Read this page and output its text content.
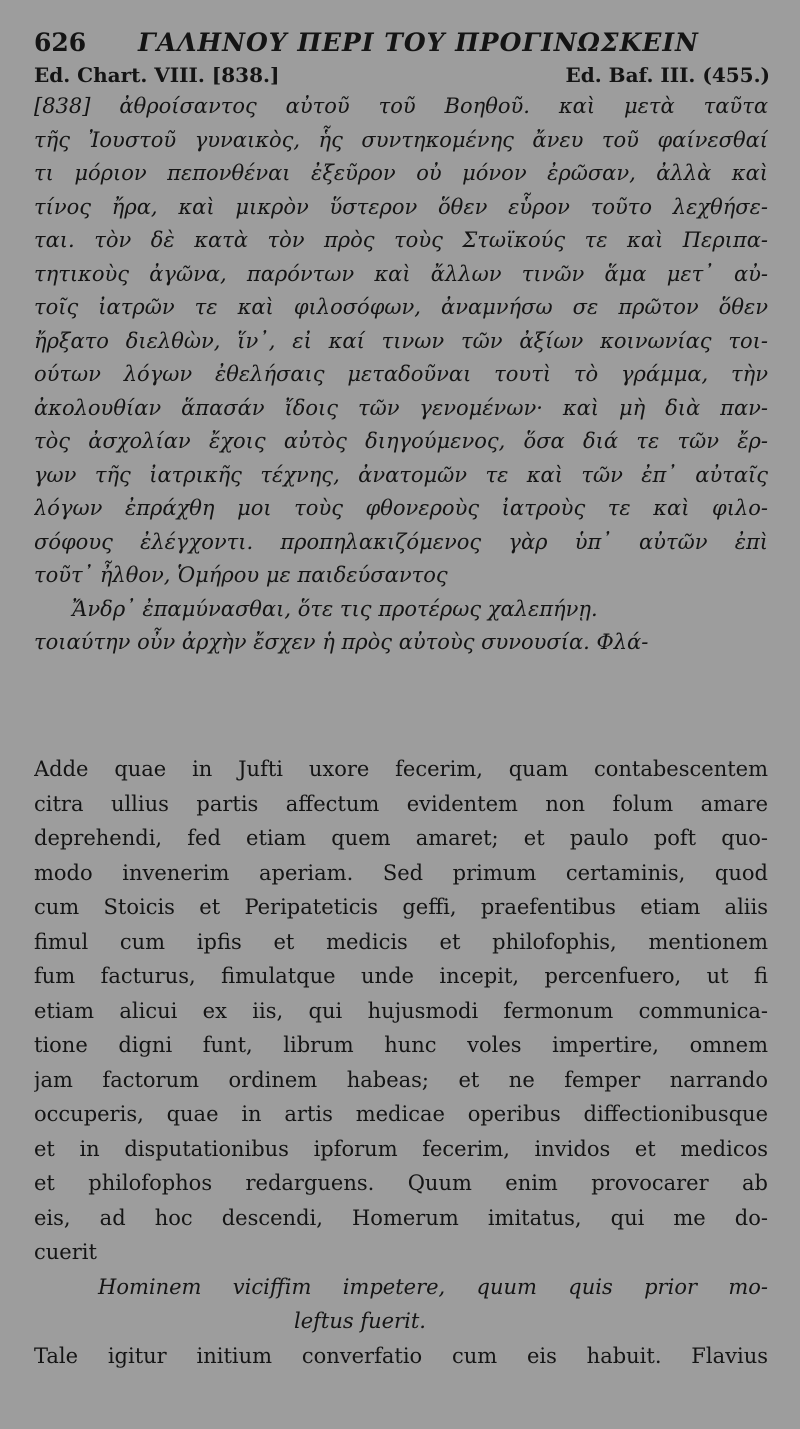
626 ΓΑΛΗΝΟΥ ΠΕΡΙ ΤΟΥ ΠΡΟΓΙΝΩΣΚΕΙΝ
Ed. Chart. VIII. [838.]	Ed. Baf. III. (455.)
[838] ἀθροίσαντος αὐτοῦ τοῦ Βοηθοῦ. καὶ μετὰ ταῦτα
τῆς Ἰουστοῦ γυναικὸς, ἧς συντηκομένης ἄνευ τοῦ φαίνεσθαί
τι μόριον πεπονθέναι ἐξεῦρον οὐ μόνον ἐρῶσαν, ἀλλὰ καὶ
τίνος ἤρα, καὶ μικρὸν ὕστερον ὅθεν εὗρον τοῦτο λεχθήσε-
ται. τὸν δὲ κατὰ τὸν πρὸς τοὺς Στωϊκούς τε καὶ Περιπα-
τητικοὺς ἀγῶνα, παρόντων καὶ ἄλλων τινῶν ἅμα μετ᾽ αὐ-
τοῖς ἰατρῶν τε καὶ φιλοσόφων, ἀναμνήσω σε πρῶτον ὅθεν
ἤρξατο διελθὼν, ἵν᾽, εἰ καί τινων τῶν ἀξίων κοινωνίας τοι-
ούτων λόγων ἐθελήσαις μεταδοῦναι τουτὶ τὸ γράμμα, τὴν
ἀκολουθίαν ἅπασάν ἴδοις τῶν γενομένων· καὶ μὴ διὰ παν-
τὸς ἀσχολίαν ἔχοις αὐτὸς διηγούμενος, ὅσα διά τε τῶν ἔρ-
γων τῆς ἰατρικῆς τέχνης, ἀνατομῶν τε καὶ τῶν ἐπ᾽ αὐταῖς
λόγων ἐπράχθη μοι τοὺς φθονεροὺς ἰατροὺς τε καὶ φιλο-
σόφους ἐλέγχοντι. προπηλακιζόμενος γὰρ ὑπ᾽ αὐτῶν ἐπὶ
τοῦτ᾽ ἦλθον, Ὁμήρου με παιδεύσαντος
Ἄνδρ᾽ ἐπαμύνασθαι, ὅτε τις προτέρως χαλεπήνῃ.
τοιαύτην οὖν ἀρχὴν ἔσχεν ἡ πρὸς αὐτοὺς συνουσία. Φλά-
Adde quae in Jufti uxore fecerim, quam contabescentem
citra ullius partis affectum evidentem non folum amare
deprehendi, fed etiam quem amaret; et paulo poft quo-
modo invenerim aperiam. Sed primum certaminis, quod
cum Stoicis et Peripateticis geffi, praefentibus etiam aliis
fimul cum ipfis et medicis et philofophis, mentionem
fum facturus, fimulatque unde incepit, percenfuero, ut fi
etiam alicui ex iis, qui hujusmodi fermonum communica-
tione digni funt, librum hunc voles impertire, omnem
jam factorum ordinem habeas; et ne femper narrando
occuperis, quae in artis medicae operibus diffectionibusque
et in disputationibus ipforum fecerim, invidos et medicos
et philofophos redarguens. Quum enim provocarer ab
eis, ad hoc descendi, Homerum imitatus, qui me do-
cuerit
Hominem viciffim impetere, quum quis prior mo-
leftus fuerit.
Tale igitur initium converfatio cum eis habuit. Flavius
